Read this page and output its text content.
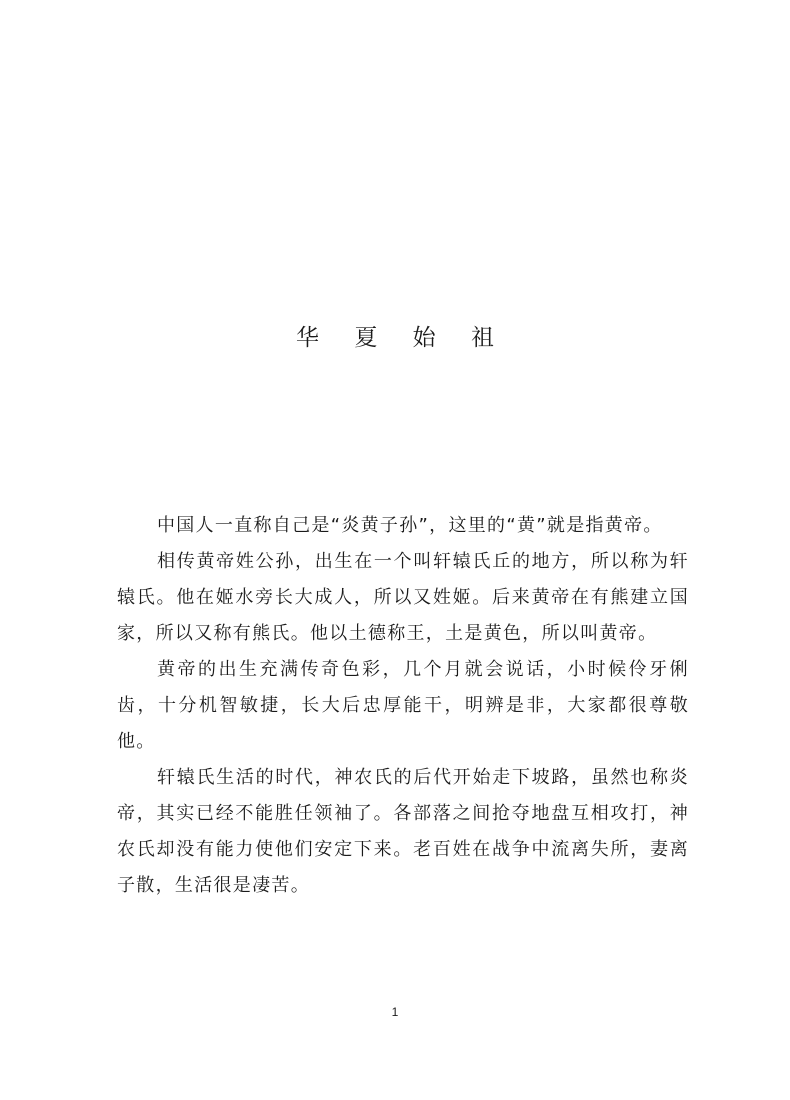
华 夏 始 祖

中国人一直称自己是“炎黄子孙”，这里的“黄”就是指黄帝。

相传黄帝姓公孙，出生在一个叫轩辕氏丘的地方，所以称为轩辕氏。他在姬水旁长大成人，所以又姓姬。后来黄帝在有熊建立国家，所以又称有熊氏。他以土德称王，土是黄色，所以叫黄帝。

黄帝的出生充满传奇色彩，几个月就会说话，小时候伶牙俐齿，十分机智敏捷，长大后忠厚能干，明辨是非，大家都很尊敬他。

轩辕氏生活的时代，神农氏的后代开始走下坡路，虽然也称炎帝，其实已经不能胜任领袖了。各部落之间抢夺地盘互相攻打，神农氏却没有能力使他们安定下来。老百姓在战争中流离失所，妻离子散，生活很是凄苦。

1
